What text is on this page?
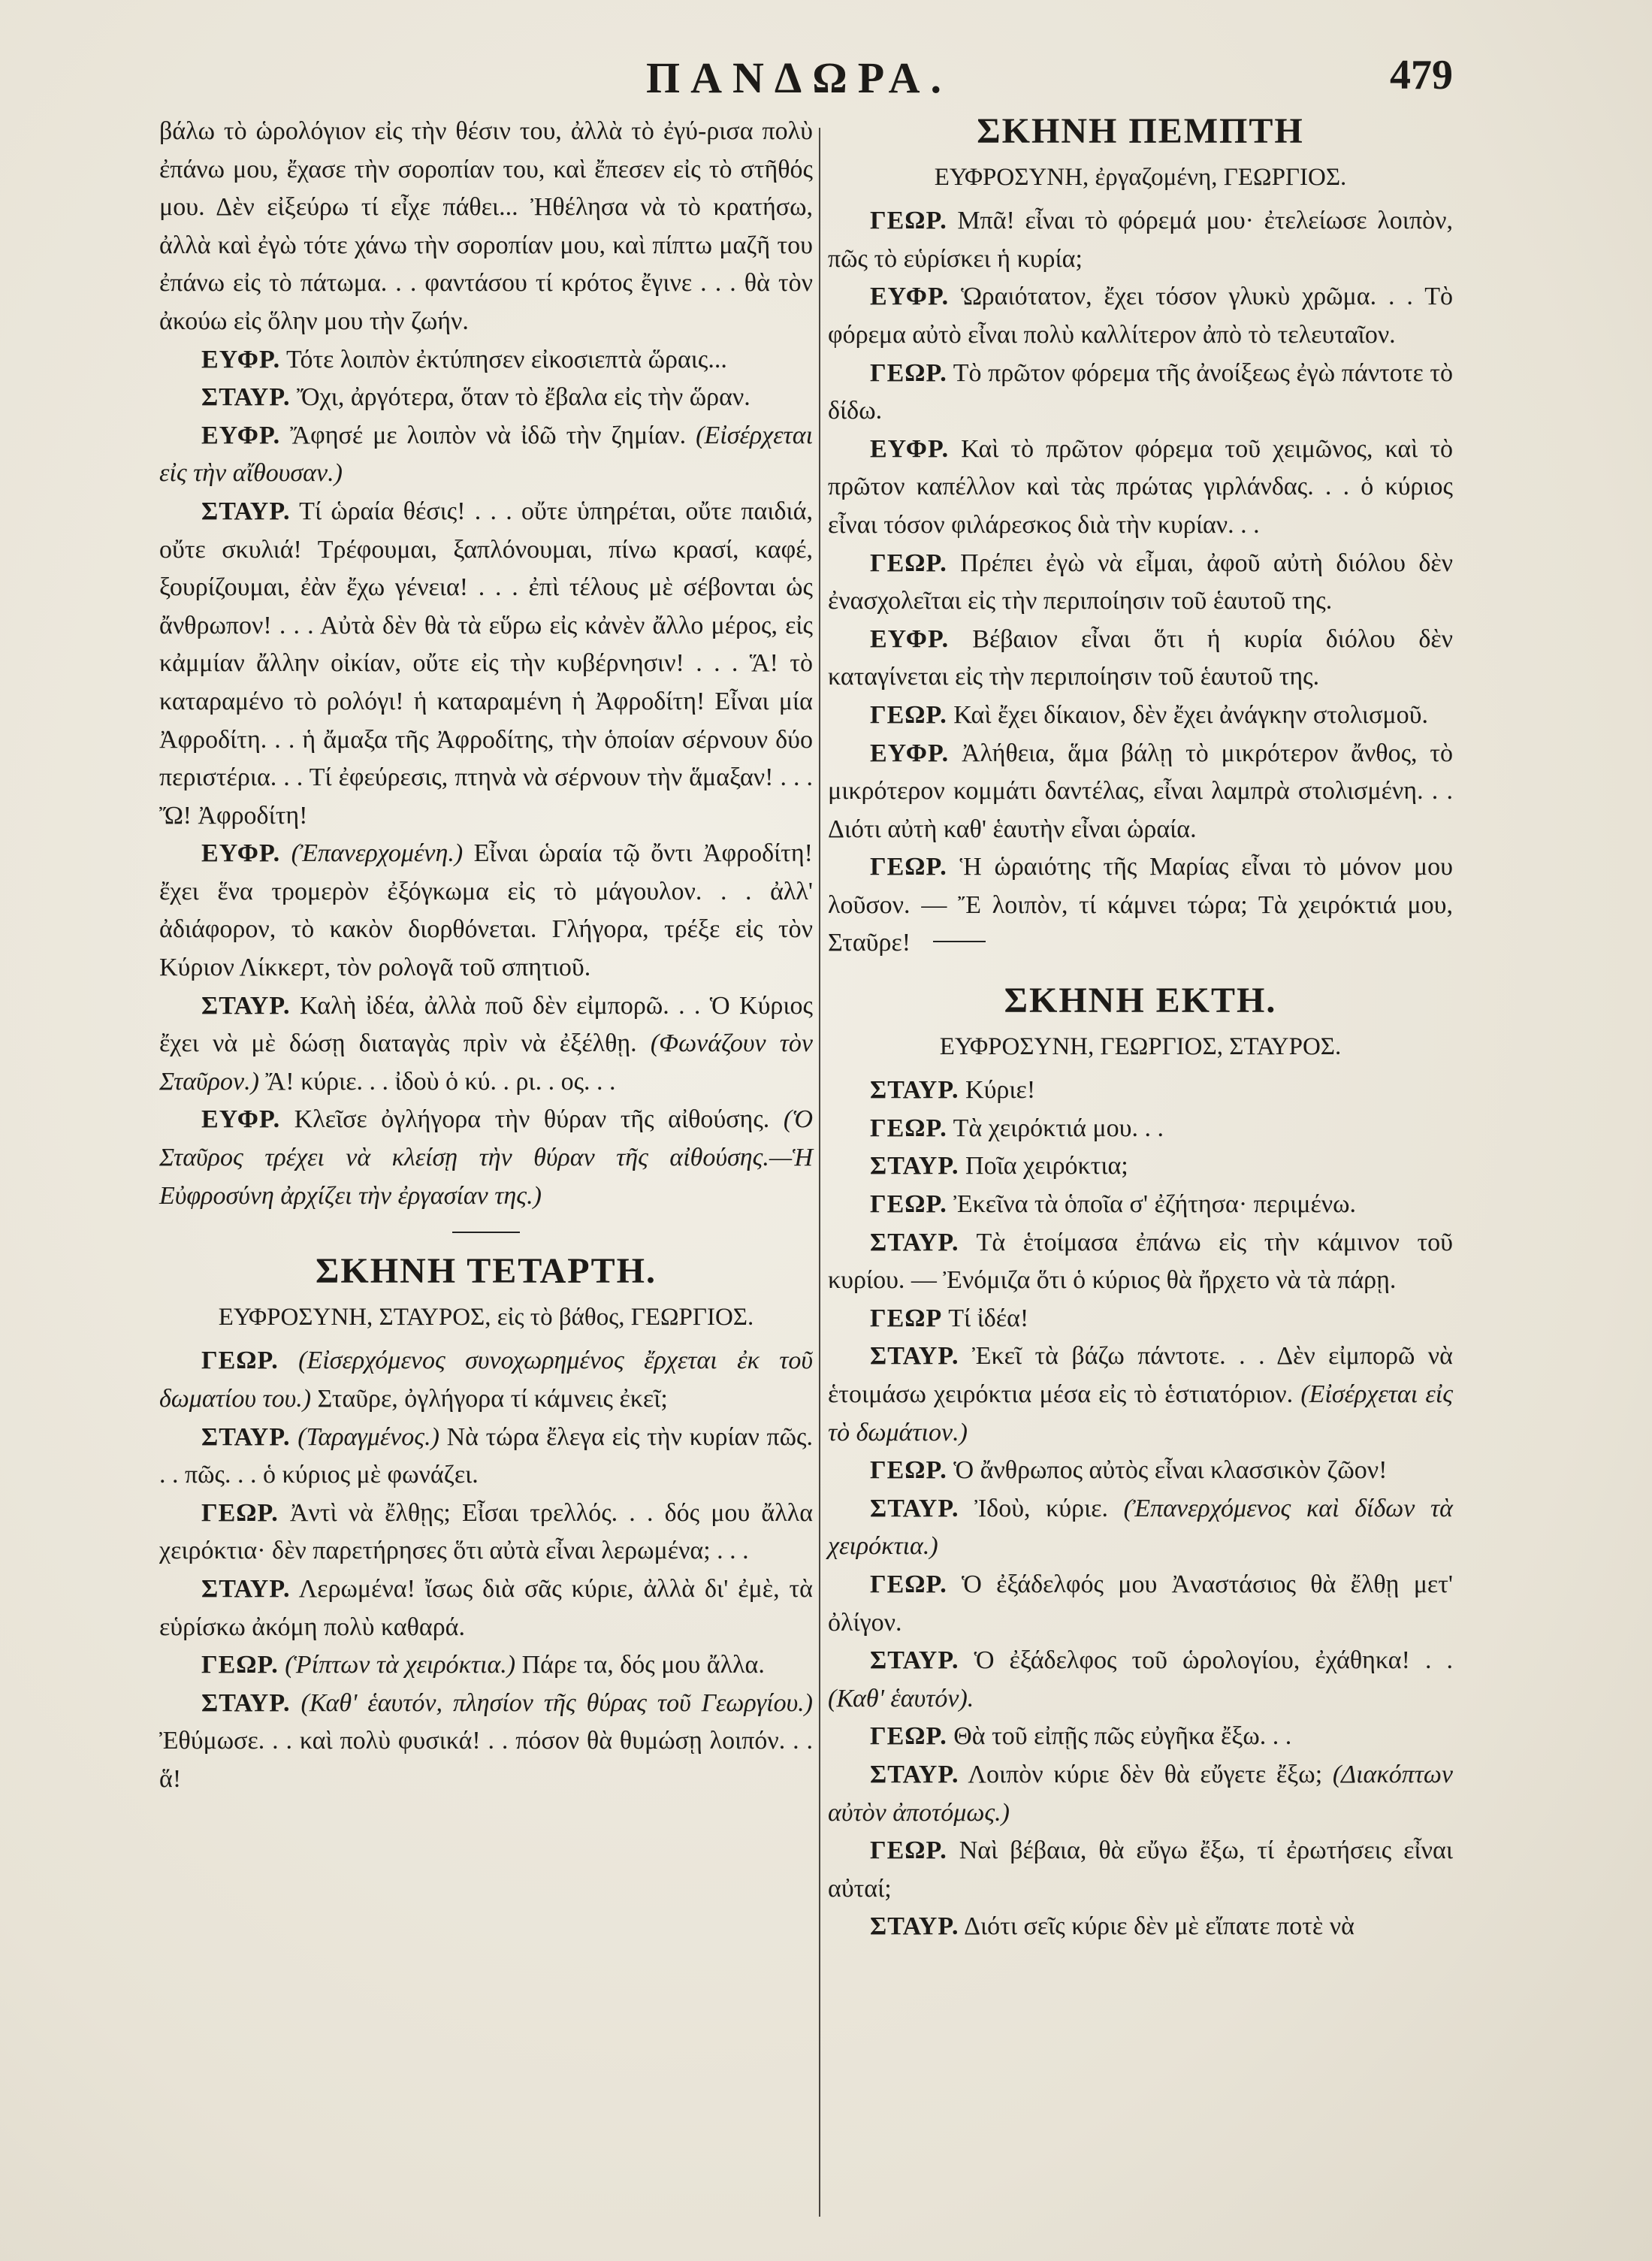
ΠΑΝΔΩΡΑ.	479

βάλω τὸ ὡρολόγιον εἰς τὴν θέσιν του, ἀλλὰ τὸ ἐγύ-ρισα πολὺ ἐπάνω μου, ἔχασε τὴν σοροπίαν του, καὶ ἔπεσεν εἰς τὸ στῆθός μου. Δὲν εἰξεύρω τί εἶχε πάθει... Ἠθέλησα νὰ τὸ κρατήσω, ἀλλὰ καὶ ἐγὼ τότε χάνω τὴν σοροπίαν μου, καὶ πίπτω μαζῆ του ἐπάνω εἰς τὸ πάτωμα. . . φαντάσου τί κρότος ἔγινε . . . θὰ τὸν ἀκούω εἰς ὅλην μου τὴν ζωήν.

ΕΥΦΡ. Τότε λοιπὸν ἐκτύπησεν εἰκοσιεπτὰ ὥραις...

ΣΤΑΥΡ. Ὄχι, ἀργότερα, ὅταν τὸ ἔβαλα εἰς τὴν ὥραν.

ΕΥΦΡ. Ἄφησέ με λοιπὸν νὰ ἰδῶ τὴν ζημίαν. (Εἰσέρχεται εἰς τὴν αἴθουσαν.)

ΣΤΑΥΡ. Τί ὡραία θέσις! . . . οὔτε ὑπηρέται, οὔτε παιδιά, οὔτε σκυλιά! Τρέφουμαι, ξαπλόνουμαι, πίνω κρασί, καφέ, ξουρίζουμαι, ἐὰν ἔχω γένεια! . . . ἐπὶ τέλους μὲ σέβονται ὡς ἄνθρωπον! . . . Αὐτὰ δὲν θὰ τὰ εὕρω εἰς κἀνὲν ἄλλο μέρος, εἰς κἀμμίαν ἄλλην οἰκίαν, οὔτε εἰς τὴν κυβέρνησιν! . . . Ἅ! τὸ καταραμένο τὸ ρολόγι! ἡ καταραμένη ἡ Ἀφροδίτη! Εἶναι μία Ἀφροδίτη. . . ἡ ἄμαξα τῆς Ἀφροδίτης, τὴν ὁποίαν σέρνουν δύο περιστέρια. . . Τί ἐφεύρεσις, πτηνὰ νὰ σέρνουν τὴν ἅμαξαν! . . . Ὤ! Ἀφροδίτη!

ΕΥΦΡ. (Ἐπανερχομένη.) Εἶναι ὡραία τῷ ὄντι Ἀφροδίτη! ἔχει ἕνα τρομερὸν ἐξόγκωμα εἰς τὸ μάγουλον. . . ἀλλ' ἀδιάφορον, τὸ κακὸν διορθόνεται. Γλήγορα, τρέξε εἰς τὸν Κύριον Λίκκερτ, τὸν ρολογᾶ τοῦ σπητιοῦ.

ΣΤΑΥΡ. Καλὴ ἰδέα, ἀλλὰ ποῦ δὲν εἰμπορῶ. . . Ὁ Κύριος ἔχει νὰ μὲ δώσῃ διαταγὰς πρὶν νὰ ἐξέλθῃ. (Φωνάζουν τὸν Σταῦρον.) Ἄ! κύριε. . . ἰδοὺ ὁ κύ. . ρι. . ος. . .

ΕΥΦΡ. Κλεῖσε ὀγλήγορα τὴν θύραν τῆς αἰθούσης. (Ὁ Σταῦρος τρέχει νὰ κλείσῃ τὴν θύραν τῆς αἰθούσης.—Ἡ Εὐφροσύνη ἀρχίζει τὴν ἐργασίαν της.)

ΣΚΗΝΗ ΤΕΤΑΡΤΗ.
ΕΥΦΡΟΣΥΝΗ, ΣΤΑΥΡΟΣ, εἰς τὸ βάθος, ΓΕΩΡΓΙΟΣ.

ΓΕΩΡ. (Εἰσερχόμενος συνοχωρημένος ἔρχεται ἐκ τοῦ δωματίου του.) Σταῦρε, ὀγλήγορα τί κάμνεις ἐκεῖ;

ΣΤΑΥΡ. (Ταραγμένος.) Νὰ τώρα ἔλεγα εἰς τὴν κυρίαν πῶς. . . πῶς. . . ὁ κύριος μὲ φωνάζει.

ΓΕΩΡ. Ἀντὶ νὰ ἔλθῃς; Εἶσαι τρελλός. . . δός μου ἄλλα χειρόκτια· δὲν παρετήρησες ὅτι αὐτὰ εἶναι λερωμένα; . . .

ΣΤΑΥΡ. Λερωμένα! ἴσως διὰ σᾶς κύριε, ἀλλὰ δι' ἐμὲ, τὰ εὑρίσκω ἀκόμη πολὺ καθαρά.

ΓΕΩΡ. (Ῥίπτων τὰ χειρόκτια.) Πάρε τα, δός μου ἄλλα.

ΣΤΑΥΡ. (Καθ' ἑαυτόν, πλησίον τῆς θύρας τοῦ Γεωργίου.) Ἐθύμωσε. . . καὶ πολὺ φυσικά! . . πόσον θὰ θυμώσῃ λοιπόν. . . ἅ!

ΣΚΗΝΗ ΠΕΜΠΤΗ
ΕΥΦΡΟΣΥΝΗ, ἐργαζομένη, ΓΕΩΡΓΙΟΣ.

ΓΕΩΡ. Μπᾶ! εἶναι τὸ φόρεμά μου· ἐτελείωσε λοιπὸν, πῶς τὸ εὑρίσκει ἡ κυρία;

ΕΥΦΡ. Ὡραιότατον, ἔχει τόσον γλυκὺ χρῶμα. . . Τὸ φόρεμα αὐτὸ εἶναι πολὺ καλλίτερον ἀπὸ τὸ τελευταῖον.

ΓΕΩΡ. Τὸ πρῶτον φόρεμα τῆς ἀνοίξεως ἐγὼ πάντοτε τὸ δίδω.

ΕΥΦΡ. Καὶ τὸ πρῶτον φόρεμα τοῦ χειμῶνος, καὶ τὸ πρῶτον καπέλλον καὶ τὰς πρώτας γιρλάνδας. . . ὁ κύριος εἶναι τόσον φιλάρεσκος διὰ τὴν κυρίαν. . .

ΓΕΩΡ. Πρέπει ἐγὼ νὰ εἶμαι, ἀφοῦ αὐτὴ διόλου δὲν ἐνασχολεῖται εἰς τὴν περιποίησιν τοῦ ἑαυτοῦ της.

ΕΥΦΡ. Βέβαιον εἶναι ὅτι ἡ κυρία διόλου δὲν καταγίνεται εἰς τὴν περιποίησιν τοῦ ἑαυτοῦ της.

ΓΕΩΡ. Καὶ ἔχει δίκαιον, δὲν ἔχει ἀνάγκην στολισμοῦ.

ΕΥΦΡ. Ἀλήθεια, ἅμα βάλῃ τὸ μικρότερον ἄνθος, τὸ μικρότερον κομμάτι δαντέλας, εἶναι λαμπρὰ στολισμένη. . . Διότι αὐτὴ καθ' ἑαυτὴν εἶναι ὡραία.

ΓΕΩΡ. Ἡ ὡραιότης τῆς Μαρίας εἶναι τὸ μόνον μου λοῦσον. — Ἔ λοιπὸν, τί κάμνει τώρα; Τὰ χειρόκτιά μου, Σταῦρε!

ΣΚΗΝΗ ΕΚΤΗ.
ΕΥΦΡΟΣΥΝΗ, ΓΕΩΡΓΙΟΣ, ΣΤΑΥΡΟΣ.

ΣΤΑΥΡ. Κύριε!

ΓΕΩΡ. Τὰ χειρόκτιά μου. . .

ΣΤΑΥΡ. Ποῖα χειρόκτια;

ΓΕΩΡ. Ἐκεῖνα τὰ ὁποῖα σ' ἐζήτησα· περιμένω.

ΣΤΑΥΡ. Τὰ ἑτοίμασα ἐπάνω εἰς τὴν κάμινον τοῦ κυρίου. — Ἐνόμιζα ὅτι ὁ κύριος θὰ ἤρχετο νὰ τὰ πάρῃ.

ΓΕΩΡ Τί ἰδέα!

ΣΤΑΥΡ. Ἐκεῖ τὰ βάζω πάντοτε. . . Δὲν εἰμπορῶ νὰ ἑτοιμάσω χειρόκτια μέσα εἰς τὸ ἑστιατόριον. (Εἰσέρχεται εἰς τὸ δωμάτιον.)

ΓΕΩΡ. Ὁ ἄνθρωπος αὐτὸς εἶναι κλασσικὸν ζῶον!

ΣΤΑΥΡ. Ἰδοὺ, κύριε. (Ἐπανερχόμενος καὶ δίδων τὰ χειρόκτια.)

ΓΕΩΡ. Ὁ ἐξάδελφός μου Ἀναστάσιος θὰ ἔλθῃ μετ' ὀλίγον.

ΣΤΑΥΡ. Ὁ ἐξάδελφος τοῦ ὡρολογίου, ἐχάθηκα! . . (Καθ' ἑαυτόν).

ΓΕΩΡ. Θὰ τοῦ εἰπῇς πῶς εὐγῆκα ἔξω. . .

ΣΤΑΥΡ. Λοιπὸν κύριε δὲν θὰ εὔγετε ἔξω; (Διακόπτων αὐτὸν ἀποτόμως.)

ΓΕΩΡ. Ναὶ βέβαια, θὰ εὔγω ἔξω, τί ἐρωτήσεις εἶναι αὐταί;

ΣΤΑΥΡ. Διότι σεῖς κύριε δὲν μὲ εἴπατε ποτὲ νὰ
